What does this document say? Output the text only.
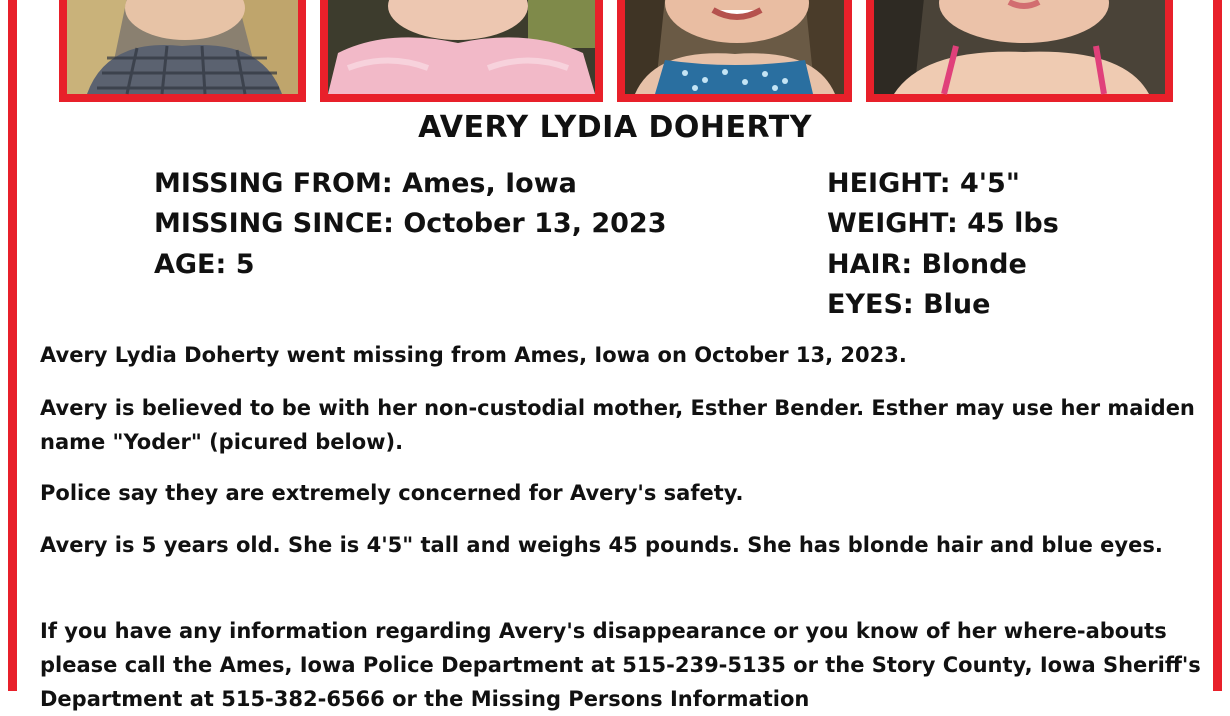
AVERY LYDIA DOHERTY
MISSING FROM: Ames, Iowa
MISSING SINCE: October 13, 2023
AGE: 5
HEIGHT: 4'5"
WEIGHT: 45 lbs
HAIR: Blonde
EYES: Blue
Avery Lydia Doherty went missing from Ames, Iowa on October 13, 2023.
Avery is believed to be with her non-custodial mother, Esther Bender. Esther may use her maiden name "Yoder" (picured below).
Police say they are extremely concerned for Avery's safety.
Avery is 5 years old. She is 4'5" tall and weighs 45 pounds. She has blonde hair and blue eyes.
If you have any information regarding Avery's disappearance or you know of her where-abouts please call the Ames, Iowa Police Department at 515-239-5135 or the Story County, Iowa Sheriff's Department at 515-382-6566 or the Missing Persons Information
